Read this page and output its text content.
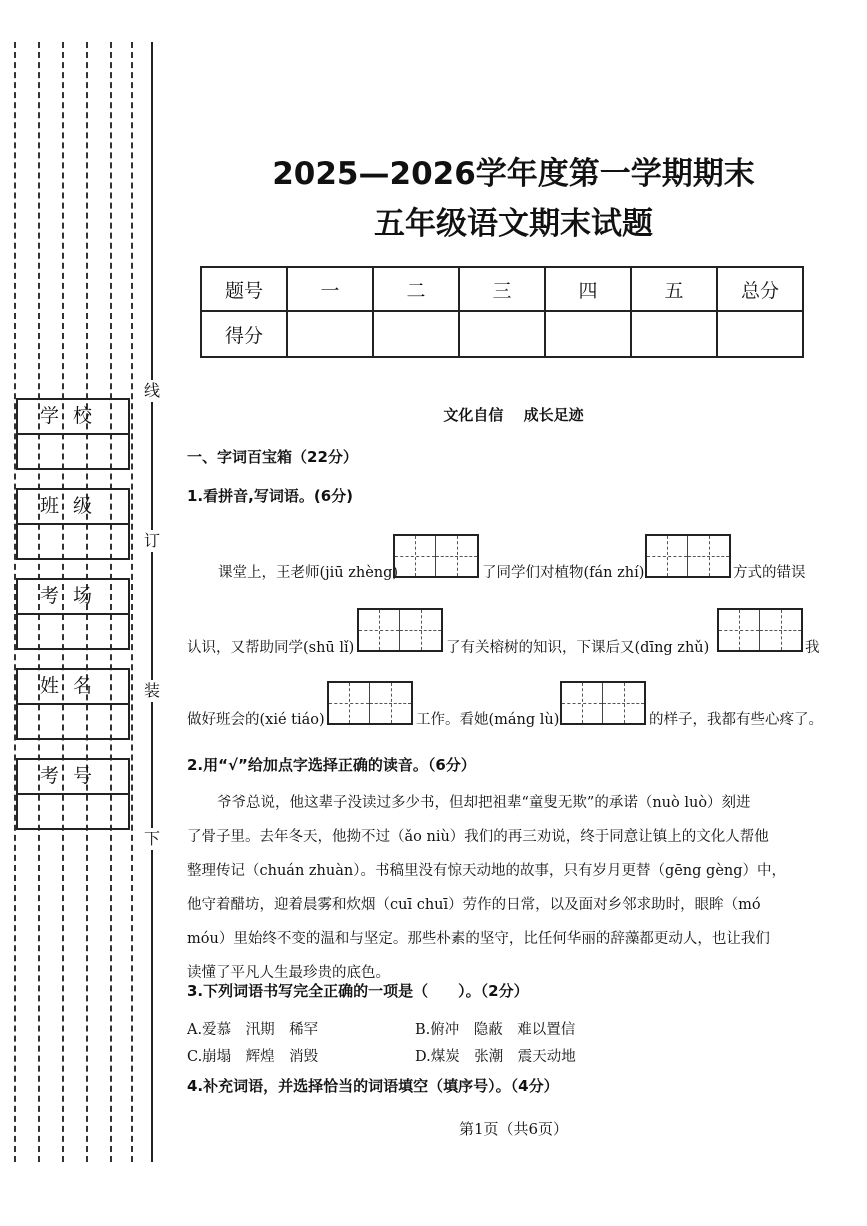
线
订
装
下
学校
班级
考场
姓名
考号
2025—2026学年度第一学期期末
五年级语文期末试题
题号	一	二	三	四	五	总分
得分						
文化自信　 成长足迹
一、字词百宝箱（22分）
1.看拼音,写词语。(6分)
课堂上，王老师(jiū zhèng)	了同学们对植物(fán zhí)	方式的错误
认识，又帮助同学(shū lǐ)	了有关榕树的知识，下课后又(dīng zhǔ)	我
做好班会的(xié tiáo)	工作。看她(máng lù)	的样子，我都有些心疼了。
2.用“√”给加点字选择正确的读音。（6分）
爷爷总说，他这辈子没读过多少书，但却把祖辈“童叟无欺”的承诺（nuò luò）刻进
了骨子里。去年冬天，他拗不过（ǎo niù）我们的再三劝说，终于同意让镇上的文化人帮他
整理传记（chuán zhuàn）。书稿里没有惊天动地的故事，只有岁月更替（gēng gèng）中，
他守着醋坊，迎着晨雾和炊烟（cuī chuī）劳作的日常，以及面对乡邻求助时，眼眸（mó
móu）里始终不变的温和与坚定。那些朴素的坚守，比任何华丽的辞藻都更动人，也让我们
读懂了平凡人生最珍贵的底色。
3.下列词语书写完全正确的一项是（　　）。（2分）
A.爱慕　汛期　稀罕	B.俯冲　隐蔽　难以置信
C.崩塌　辉煌　消毁	D.煤炭　张潮　震天动地
4.补充词语，并选择恰当的词语填空（填序号）。（4分）
第1页（共6页）
